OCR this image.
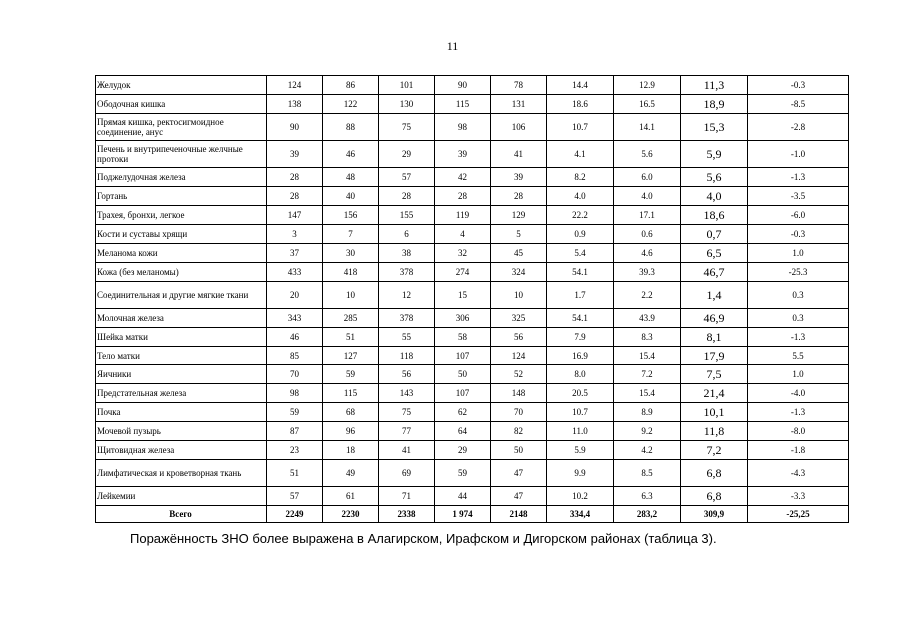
11
Желудок	124	86	101	90	78	14.4	12.9	11,3	-0.3
Ободочная кишка	138	122	130	115	131	18.6	16.5	18,9	-8.5
Прямая кишка, ректосигмоидное соединение, анус	90	88	75	98	106	10.7	14.1	15,3	-2.8
Печень и внутрипеченочные желчные протоки	39	46	29	39	41	4.1	5.6	5,9	-1.0
Поджелудочная железа	28	48	57	42	39	8.2	6.0	5,6	-1.3
Гортань	28	40	28	28	28	4.0	4.0	4,0	-3.5
Трахея, бронхи, легкое	147	156	155	119	129	22.2	17.1	18,6	-6.0
Кости и суставы хрящи	3	7	6	4	5	0.9	0.6	0,7	-0.3
Меланома кожи	37	30	38	32	45	5.4	4.6	6,5	1.0
Кожа (без меланомы)	433	418	378	274	324	54.1	39.3	46,7	-25.3
Соединительная и другие мягкие ткани	20	10	12	15	10	1.7	2.2	1,4	0.3
Молочная железа	343	285	378	306	325	54.1	43.9	46,9	0.3
Шейка матки	46	51	55	58	56	7.9	8.3	8,1	-1.3
Тело матки	85	127	118	107	124	16.9	15.4	17,9	5.5
Яичники	70	59	56	50	52	8.0	7.2	7,5	1.0
Предстательная железа	98	115	143	107	148	20.5	15.4	21,4	-4.0
Почка	59	68	75	62	70	10.7	8.9	10,1	-1.3
Мочевой пузырь	87	96	77	64	82	11.0	9.2	11,8	-8.0
Щитовидная железа	23	18	41	29	50	5.9	4.2	7,2	-1.8
Лимфатическая и кроветворная ткань	51	49	69	59	47	9.9	8.5	6,8	-4.3
Лейкемии	57	61	71	44	47	10.2	6.3	6,8	-3.3
Всего	2249	2230	2338	1 974	2148	334,4	283,2	309,9	-25,25
Поражённость ЗНО более выражена в Алагирском, Ирафском и Дигорском районах (таблица 3).
